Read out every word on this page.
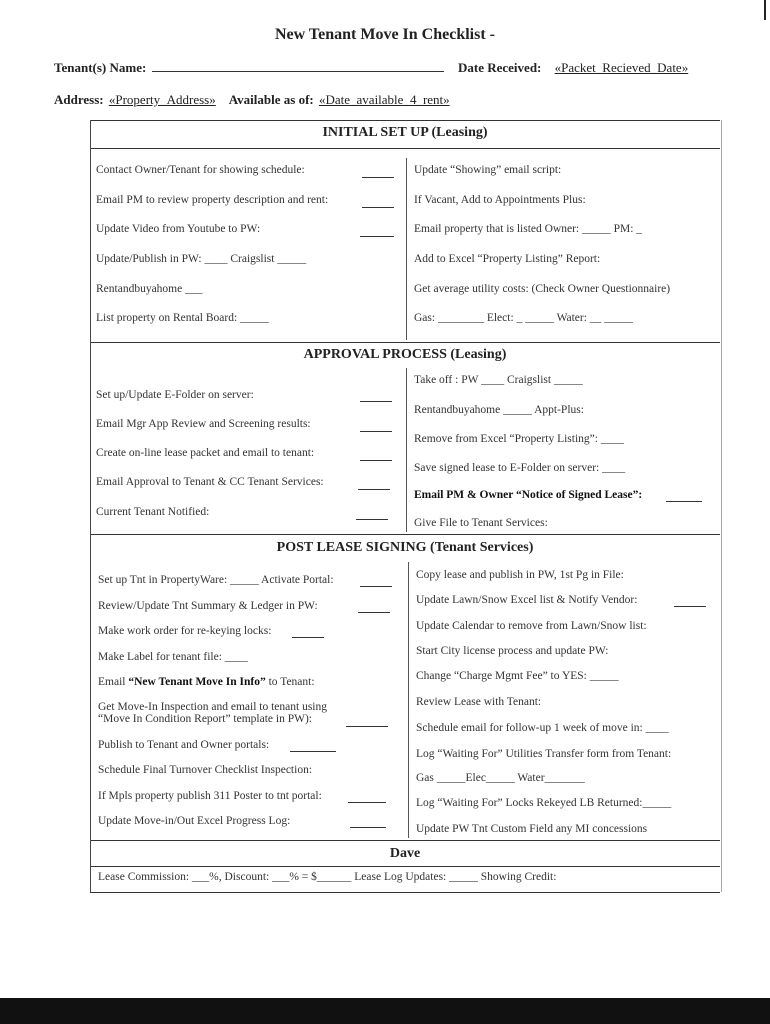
New Tenant Move In Checklist -
Tenant(s) Name:	Date Received: «Packet_Recieved_Date»
Address: «Property_Address» Available as of: «Date_available_4_rent»
INITIAL SET UP (Leasing)
Contact Owner/Tenant for showing schedule:
Email PM to review property description and rent:
Update Video from Youtube to PW:
Update/Publish in PW: ____ Craigslist _____
Rentandbuyahome ___
List property on Rental Board: _____
Update “Showing” email script:
If Vacant, Add to Appointments Plus:
Email property that is listed Owner: _____ PM: _
Add to Excel “Property Listing” Report:
Get average utility costs: (Check Owner Questionnaire)
Gas: ________ Elect: _ _____ Water: __ _____
APPROVAL PROCESS (Leasing)
Set up/Update E-Folder on server:
Email Mgr App Review and Screening results:
Create on-line lease packet and email to tenant:
Email Approval to Tenant & CC Tenant Services:
Current Tenant Notified:
Take off : PW ____ Craigslist _____
Rentandbuyahome _____ Appt-Plus:
Remove from Excel “Property Listing”: ____
Save signed lease to E-Folder on server: ____
Email PM & Owner “Notice of Signed Lease”:
Give File to Tenant Services:
POST LEASE SIGNING (Tenant Services)
Set up Tnt in PropertyWare: _____ Activate Portal:
Review/Update Tnt Summary & Ledger in PW:
Make work order for re-keying locks:
Make Label for tenant file: ____
Email “New Tenant Move In Info” to Tenant:
Get Move-In Inspection and email to tenant using
“Move In Condition Report” template in PW):
Publish to Tenant and Owner portals:
Schedule Final Turnover Checklist Inspection:
If Mpls property publish 311 Poster to tnt portal:
Update Move-in/Out Excel Progress Log:
Copy lease and publish in PW, 1st Pg in File:
Update Lawn/Snow Excel list & Notify Vendor:
Update Calendar to remove from Lawn/Snow list:
Start City license process and update PW:
Change “Charge Mgmt Fee” to YES: _____
Review Lease with Tenant:
Schedule email for follow-up 1 week of move in: ____
Log “Waiting For” Utilities Transfer form from Tenant:
Gas _____Elec_____ Water_______
Log “Waiting For” Locks Rekeyed LB Returned:_____
Update PW Tnt Custom Field any MI concessions
Dave
Lease Commission: ___%, Discount: ___% = $______ Lease Log Updates: _____ Showing Credit:
